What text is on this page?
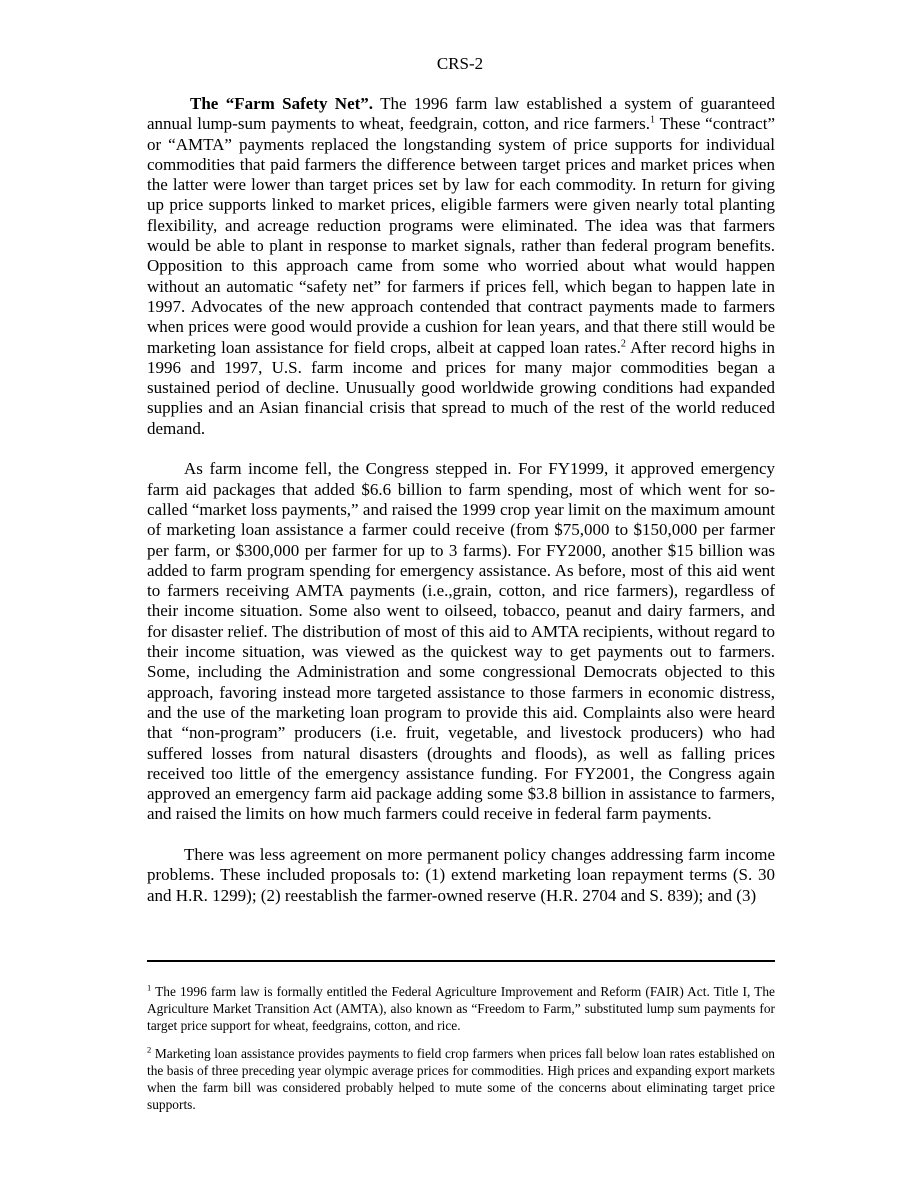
CRS-2

The “Farm Safety Net”. The 1996 farm law established a system of guaranteed annual lump-sum payments to wheat, feedgrain, cotton, and rice farmers.$^1$ These “contract” or “AMTA” payments replaced the longstanding system of price supports for individual commodities that paid farmers the difference between target prices and market prices when the latter were lower than target prices set by law for each commodity. In return for giving up price supports linked to market prices, eligible farmers were given nearly total planting flexibility, and acreage reduction programs were eliminated. The idea was that farmers would be able to plant in response to market signals, rather than federal program benefits. Opposition to this approach came from some who worried about what would happen without an automatic “safety net” for farmers if prices fell, which began to happen late in 1997. Advocates of the new approach contended that contract payments made to farmers when prices were good would provide a cushion for lean years, and that there still would be marketing loan assistance for field crops, albeit at capped loan rates.$^2$ After record highs in 1996 and 1997, U.S. farm income and prices for many major commodities began a sustained period of decline. Unusually good worldwide growing conditions had expanded supplies and an Asian financial crisis that spread to much of the rest of the world reduced demand.

As farm income fell, the Congress stepped in. For FY1999, it approved emergency farm aid packages that added $6.6 billion to farm spending, most of which went for so-called “market loss payments,” and raised the 1999 crop year limit on the maximum amount of marketing loan assistance a farmer could receive (from $75,000 to $150,000 per farmer per farm, or $300,000 per farmer for up to 3 farms). For FY2000, another $15 billion was added to farm program spending for emergency assistance. As before, most of this aid went to farmers receiving AMTA payments (i.e.,grain, cotton, and rice farmers), regardless of their income situation. Some also went to oilseed, tobacco, peanut and dairy farmers, and for disaster relief. The distribution of most of this aid to AMTA recipients, without regard to their income situation, was viewed as the quickest way to get payments out to farmers. Some, including the Administration and some congressional Democrats objected to this approach, favoring instead more targeted assistance to those farmers in economic distress, and the use of the marketing loan program to provide this aid. Complaints also were heard that “non-program” producers (i.e. fruit, vegetable, and livestock producers) who had suffered losses from natural disasters (droughts and floods), as well as falling prices received too little of the emergency assistance funding. For FY2001, the Congress again approved an emergency farm aid package adding some $3.8 billion in assistance to farmers, and raised the limits on how much farmers could receive in federal farm payments.

There was less agreement on more permanent policy changes addressing farm income problems. These included proposals to: (1) extend marketing loan repayment terms (S. 30 and H.R. 1299); (2) reestablish the farmer-owned reserve (H.R. 2704 and S. 839); and (3)

$^1$ The 1996 farm law is formally entitled the Federal Agriculture Improvement and Reform (FAIR) Act. Title I, The Agriculture Market Transition Act (AMTA), also known as “Freedom to Farm,” substituted lump sum payments for target price support for wheat, feedgrains, cotton, and rice.

$^2$ Marketing loan assistance provides payments to field crop farmers when prices fall below loan rates established on the basis of three preceding year olympic average prices for commodities. High prices and expanding export markets when the farm bill was considered probably helped to mute some of the concerns about eliminating target price supports.
